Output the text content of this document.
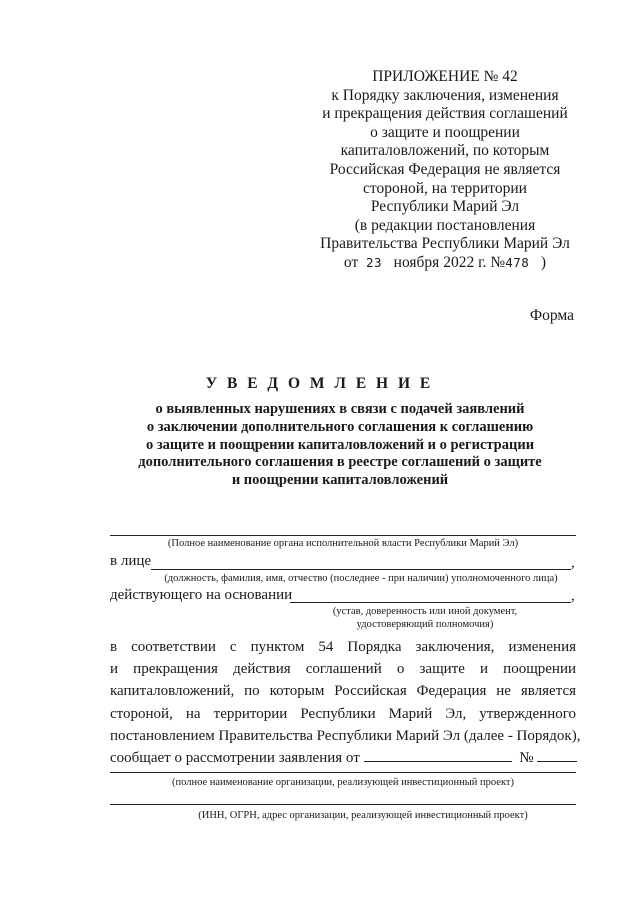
ПРИЛОЖЕНИЕ № 42
к Порядку заключения, изменения
и прекращения действия соглашений
о защите и поощрении
капиталовложений, по которым
Российская Федерация не является
стороной, на территории
Республики Марий Эл
(в редакции постановления
Правительства Республики Марий Эл
от 23 ноября 2022 г. №478 )
Форма
У В Е Д О М Л Е Н И Е
о выявленных нарушениях в связи с подачей заявлений
о заключении дополнительного соглашения к соглашению
о защите и поощрении капиталовложений и о регистрации
дополнительного соглашения в реестре соглашений о защите
и поощрении капиталовложений
(Полное наименование органа исполнительной власти Республики Марий Эл)
в лице	,
(должность, фамилия, имя, отчество (последнее - при наличии) уполномоченного лица)
действующего на основании	,
(устав, доверенность или иной документ,
удостоверяющий полномочия)
в соответствии с пунктом 54 Порядка заключения, изменения
и прекращения действия соглашений о защите и поощрении
капиталовложений, по которым Российская Федерация не является
стороной, на территории Республики Марий Эл, утвержденного
постановлением Правительства Республики Марий Эл (далее - Порядок),
сообщает о рассмотрении заявления от	№
(полное наименование организации, реализующей инвестиционный проект)
(ИНН, ОГРН, адрес организации, реализующей инвестиционный проект)
